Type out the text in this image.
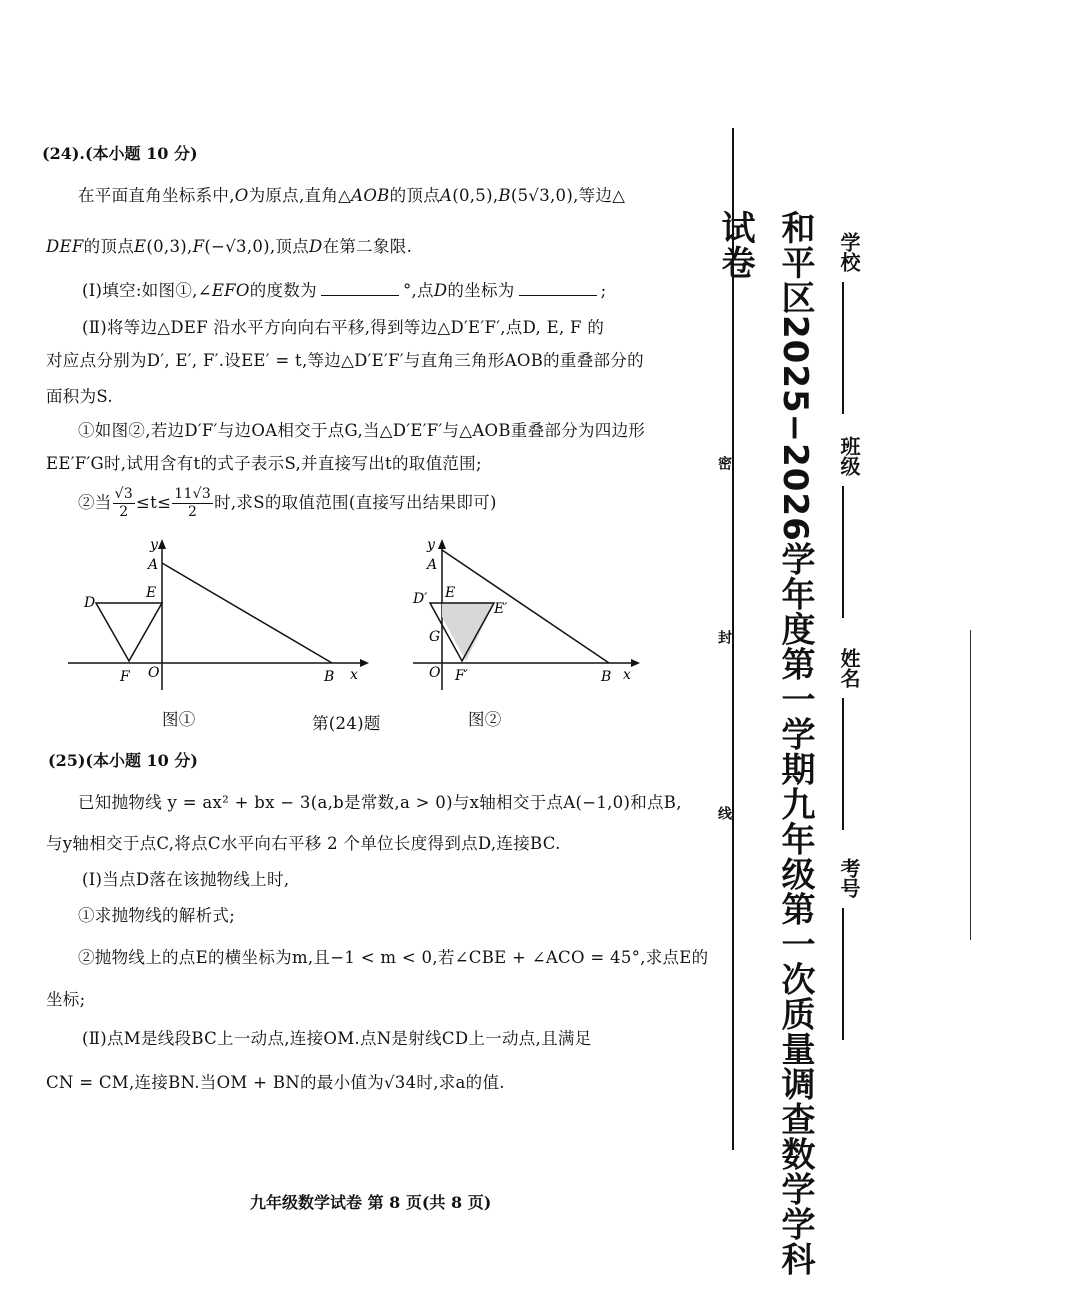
(24).(本小题 10 分)
在平面直角坐标系中,O为原点,直角△AOB的顶点A(0,5),B(5√3,0),等边△
DEF的顶点E(0,3),F(−√3,0),顶点D在第二象限.
(Ⅰ)填空:如图①,∠EFO的度数为	°,点D的坐标为	;
(Ⅱ)将等边△DEF 沿水平方向向右平移,得到等边△D′E′F′,点D, E, F 的
对应点分别为D′, E′, F′.设EE′ = t,等边△D′E′F′与直角三角形AOB的重叠部分的
面积为S.
①如图②,若边D′F′与边OA相交于点G,当△D′E′F′与△AOB重叠部分为四边形
EE′F′G时,试用含有t的式子表示S,并直接写出t的取值范围;
②当 $\frac{√3}{2} \le t\le \frac{11√3}{2}$ 时,求S的取值范围(直接写出结果即可)
y
A
D
E
F O	B x
y
A
D′ E
E′
G
O F′	B x
图①	第(24)题	图②
(25)(本小题 10 分)
已知抛物线 y = ax² + bx − 3(a,b是常数,a > 0)与x轴相交于点A(−1,0)和点B,
与y轴相交于点C,将点C水平向右平移 2 个单位长度得到点D,连接BC.
(Ⅰ)当点D落在该抛物线上时,
①求抛物线的解析式;
②抛物线上的点E的横坐标为m,且−1 < m < 0,若∠CBE + ∠ACO = 45°,求点E的
坐标;
(Ⅱ)点M是线段BC上一动点,连接OM.点N是射线CD上一动点,且满足
CN = CM,连接BN.当OM + BN的最小值为√34时,求a的值.
九年级数学试卷 第 8 页(共 8 页)
密
封
线 和平区2025−2026学年度第一学期九年级第一次质量调查数学学科试卷	学校
班级
姓名
考号
